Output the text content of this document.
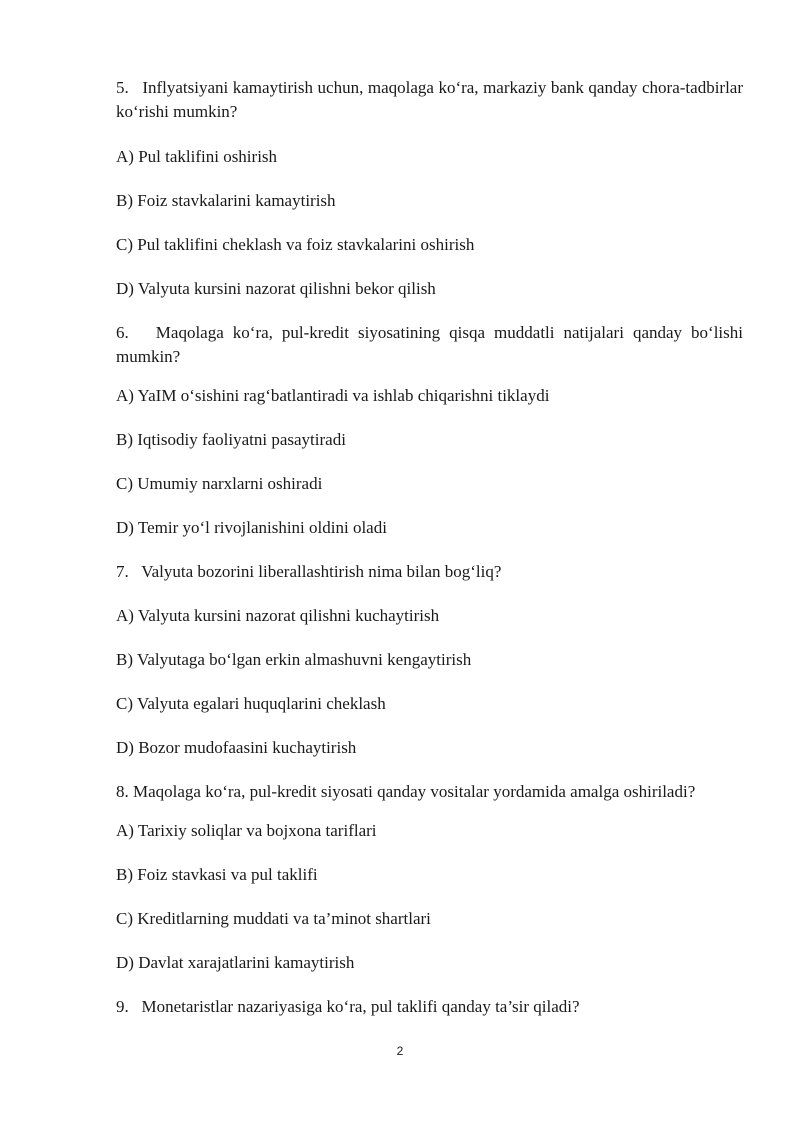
5. Inflyatsiyani kamaytirish uchun, maqolaga ko‘ra, markaziy bank qanday chora-tadbirlar ko‘rishi mumkin?

A) Pul taklifini oshirish

B) Foiz stavkalarini kamaytirish

C) Pul taklifini cheklash va foiz stavkalarini oshirish

D) Valyuta kursini nazorat qilishni bekor qilish

6. Maqolaga ko‘ra, pul-kredit siyosatining qisqa muddatli natijalari qanday bo‘lishi mumkin?

A) YaIM o‘sishini rag‘batlantiradi va ishlab chiqarishni tiklaydi

B) Iqtisodiy faoliyatni pasaytiradi

C) Umumiy narxlarni oshiradi

D) Temir yo‘l rivojlanishini oldini oladi

7. Valyuta bozorini liberallashtirish nima bilan bog‘liq?

A) Valyuta kursini nazorat qilishni kuchaytirish

B) Valyutaga bo‘lgan erkin almashuvni kengaytirish

C) Valyuta egalari huquqlarini cheklash

D) Bozor mudofaasini kuchaytirish

8. Maqolaga ko‘ra, pul-kredit siyosati qanday vositalar yordamida amalga oshiriladi?

A) Tarixiy soliqlar va bojxona tariflari

B) Foiz stavkasi va pul taklifi

C) Kreditlarning muddati va ta’minot shartlari

D) Davlat xarajatlarini kamaytirish

9. Monetaristlar nazariyasiga ko‘ra, pul taklifi qanday ta’sir qiladi?

2
